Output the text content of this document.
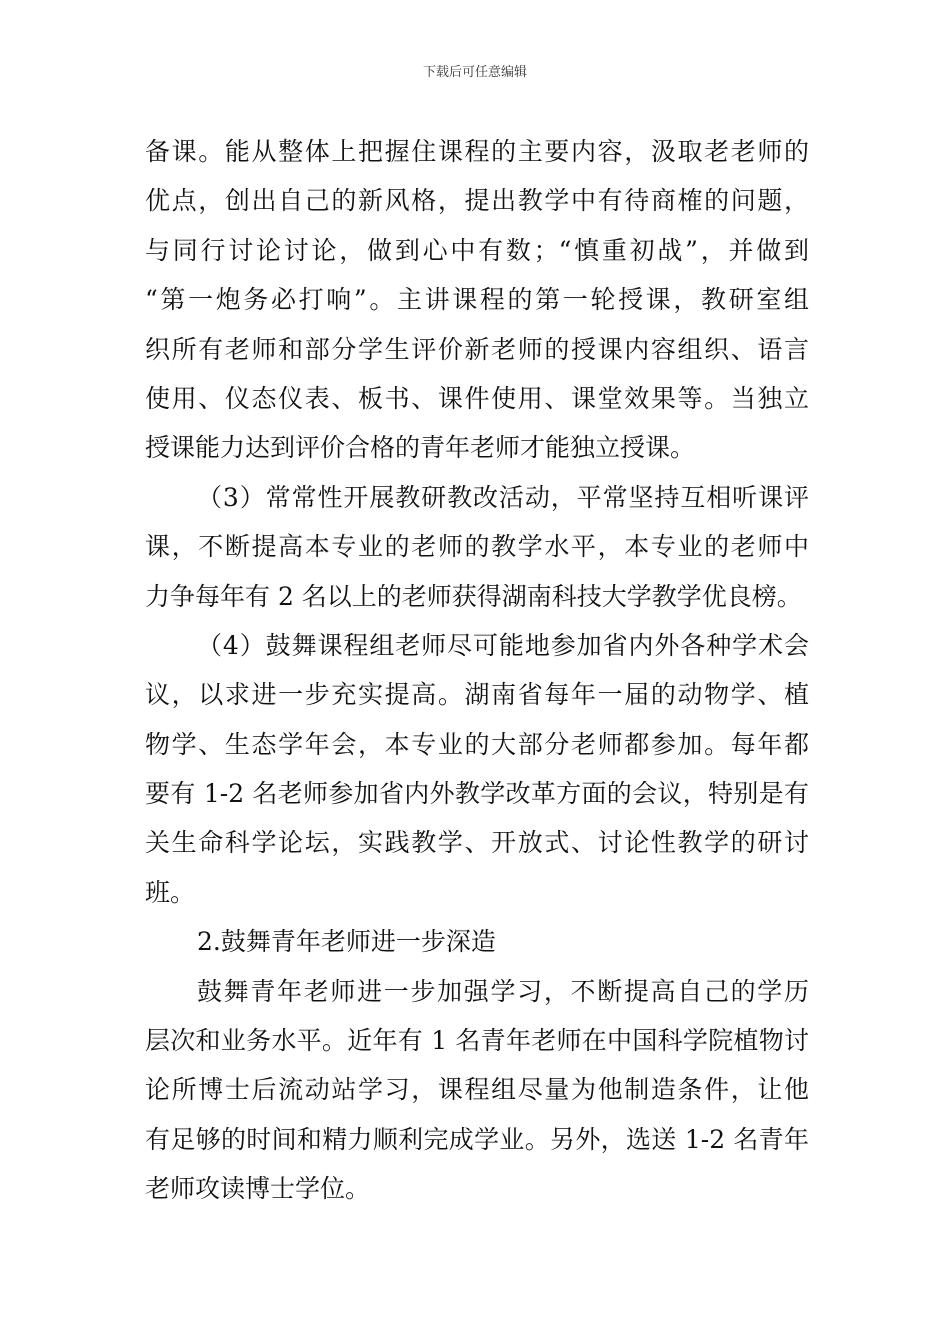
下载后可任意编辑
备课。能从整体上把握住课程的主要内容，汲取老老师的
优点，创出自己的新风格，提出教学中有待商榷的问题，
与同行讨论讨论，做到心中有数；“慎重初战”，并做到
“第一炮务必打响”。主讲课程的第一轮授课，教研室组
织所有老师和部分学生评价新老师的授课内容组织、语言
使用、仪态仪表、板书、课件使用、课堂效果等。当独立
授课能力达到评价合格的青年老师才能独立授课。
（3）常常性开展教研教改活动，平常坚持互相听课评
课，不断提高本专业的老师的教学水平，本专业的老师中
力争每年有 2 名以上的老师获得湖南科技大学教学优良榜。
（4）鼓舞课程组老师尽可能地参加省内外各种学术会
议，以求进一步充实提高。湖南省每年一届的动物学、植
物学、生态学年会，本专业的大部分老师都参加。每年都
要有 1-2 名老师参加省内外教学改革方面的会议，特别是有
关生命科学论坛，实践教学、开放式、讨论性教学的研讨
班。
2.鼓舞青年老师进一步深造
鼓舞青年老师进一步加强学习，不断提高自己的学历
层次和业务水平。近年有 1 名青年老师在中国科学院植物讨
论所博士后流动站学习，课程组尽量为他制造条件，让他
有足够的时间和精力顺利完成学业。另外，选送 1-2 名青年
老师攻读博士学位。
